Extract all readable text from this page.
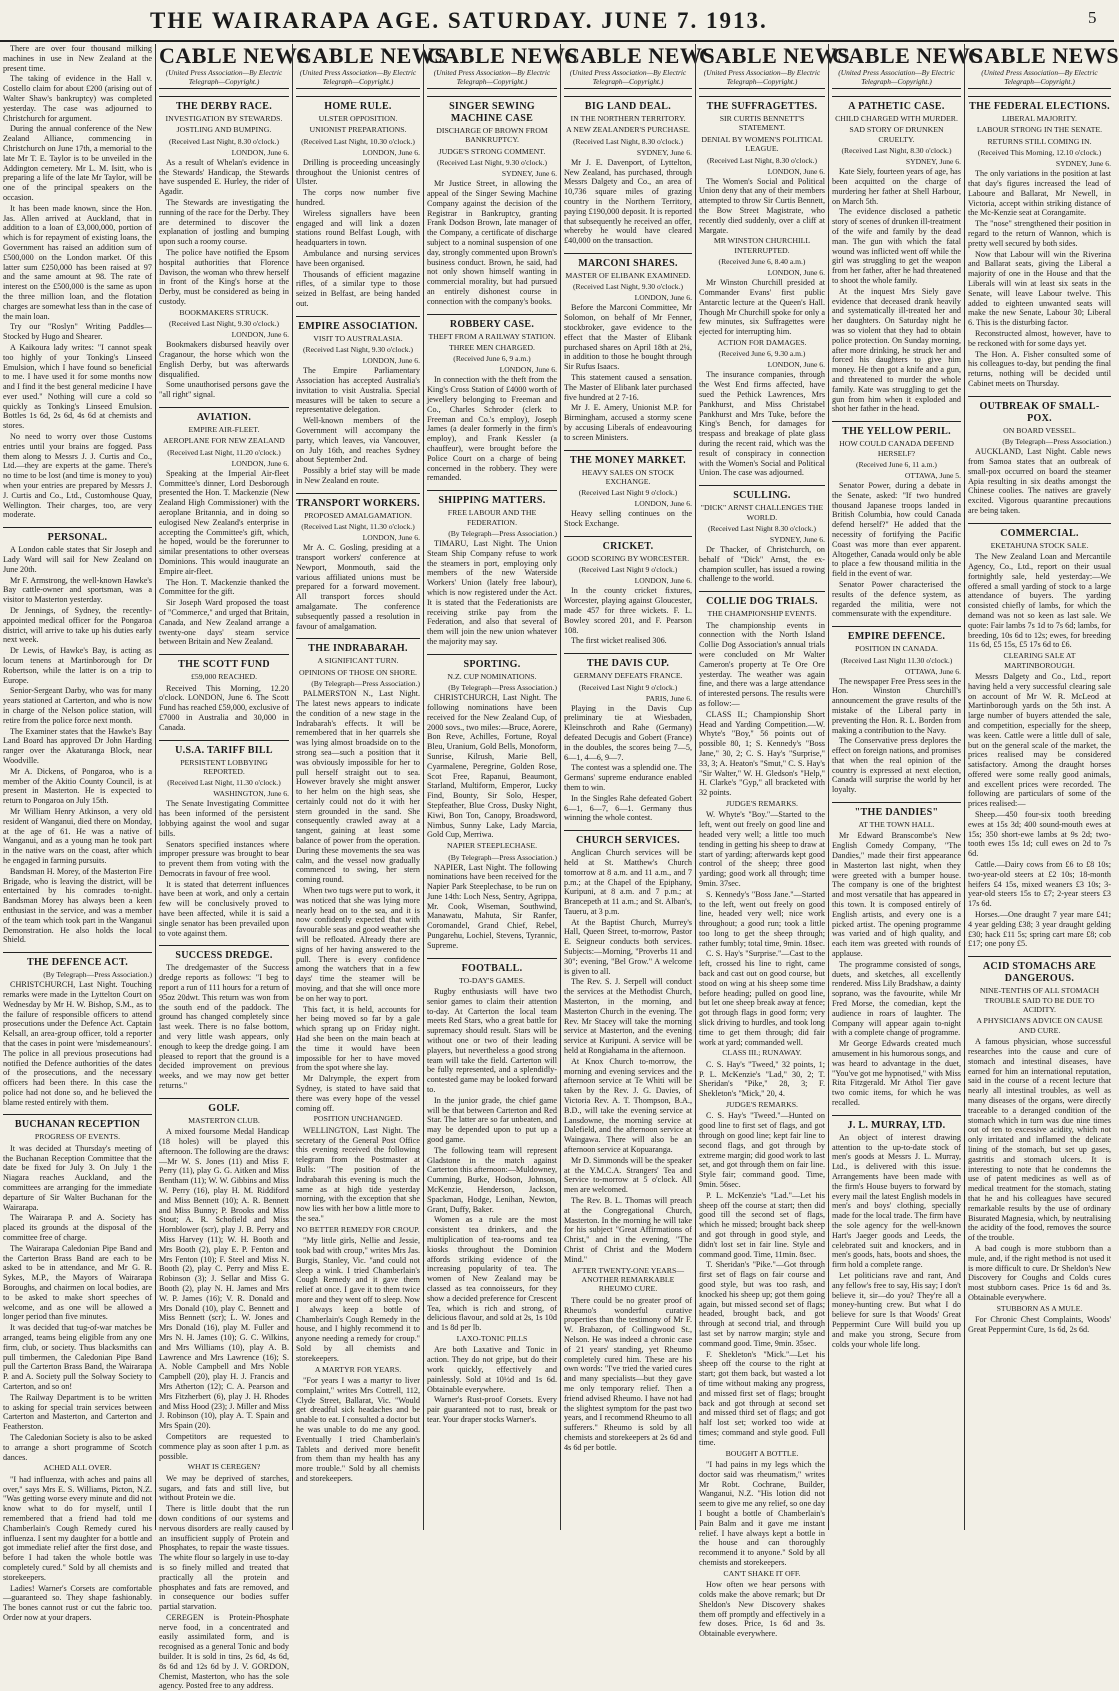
THE WAIRARAPA AGE. SATURDAY. JUNE 7. 1913.	5

There are over four thousand milking machines in use in New Zealand at the present time.

The taking of evidence in the Hall v. Costello claim for about £200 (arising out of Walter Shaw's bankruptcy) was completed yesterday. The case was adjourned to Christchurch for argument.

During the annual conference of the New Zealand Alliance, commencing in Christchurch on June 17th, a memorial to the late Mr T. E. Taylor is to be unveiled in the Addington cemetery. Mr L. M. Isitt, who is preparing a life of the late Mr Taylor, will be one of the principal speakers on the occasion.

It has been made known, since the Hon. Jas. Allen arrived at Auckland, that in addition to a loan of £3,000,000, portion of which is for repayment of existing loans, the Government has raised an addition sum of £500,000 on the London market. Of this latter sum £250,000 has been raised at 97 and the same amount at 98. The rate of interest on the £500,000 is the same as upon the three million loan, and the flotation charges are somewhat less than in the case of the main loan.

Try our "Roslyn" Writing Paddles—Stocked by Hugo and Shearer.

A Kaikoura lady writes: "I cannot speak too highly of your Tonking's Linseed Emulsion, which I have found so beneficial to me. I have used it for some months now and I find it the best general medicine I have ever used." Nothing will cure a cold so quickly as Tonking's Linseed Emulsion. Bottles 1s 6d, 2s 6d, 4s 6d at chemists and stores.

No need to worry over those Customs entries until your brains are fogged. Pass them along to Messrs J. J. Curtis and Co., Ltd.—they are experts at the game. There's no time to be lost (and time is money to you) when your entries are prepared by Messrs J. J. Curtis and Co., Ltd., Customhouse Quay, Wellington. Their charges, too, are very moderate.

PERSONAL.

A London cable states that Sir Joseph and Lady Ward will sail for New Zealand on June 20th.

Mr F. Armstrong, the well-known Hawke's Bay cattle-owner and sportsman, was a visitor to Masterton yesterday.

Dr Jennings, of Sydney, the recently-appointed medical officer for the Pongaroa district, will arrive to take up his duties early next week.

Dr Lewis, of Hawke's Bay, is acting as locum tenens at Martinborough for Dr Robertson, while the latter is on a trip to Europe.

Senior-Sergeant Darby, who was for many years stationed at Carterton, and who is now in charge of the Nelson police station, will retire from the police force next month.

The Examiner states that the Hawke's Bay Land Board has approved Dr John Harding ranger over the Akaturanga Block, near Woodville.

Mr A. Dickens, of Pongaroa, who is a member of the Akitio County Council, is at present in Masterton. He is expected to return to Pongaroa on July 15th.

Mr William Henry Atkinson, a very old resident of Wanganui, died there on Monday, at the age of 61. He was a native of Wanganui, and as a young man he took part in the native wars on the coast, after which he engaged in farming pursuits.

Bandsman H. Morey, of the Masterton Fire Brigade, who is leaving the district, will be entertained by his comrades to-night. Bandsman Morey has always been a keen enthusiast in the service, and was a member of the team which took part in the Wanganui Demonstration. He also holds the local Shield.

THE DEFENCE ACT.
(By Telegraph—Press Association.)

CHRISTCHURCH, Last Night. Touching remarks were made in the Lyttelton Court on Wednesday by Mr H. W. Bishop, S.M., as to the failure of responsible officers to attend prosecutions under the Defence Act. Captain Kelsall, an area-group officer, told a reporter that the cases in point were 'misdemeanours'. The police in all previous prosecutions had notified the Defence authorities of the dates of the prosecutions, and the necessary officers had been there. In this case the police had not done so, and he believed the blame rested entirely with them.

BUCHANAN RECEPTION
PROGRESS OF EVENTS.

It was decided at Thursday's meeting of the Buchanan Reception Committee that the date be fixed for July 3. On July 1 the Niagara reaches Auckland, and the committees are arranging for the immediate departure of Sir Walter Buchanan for the Wairarapa.

The Wairarapa P. and A. Society has placed its grounds at the disposal of the committee free of charge.

The Wairarapa Caledonian Pipe Band and the Carterton Brass Band are each to be asked to be in attendance, and Mr G. R. Sykes, M.P., the Mayors of Wairarapa Boroughs, and chairmen on local bodies, are to be asked to make short speeches of welcome, and as one will be allowed a longer period than five minutes.

It was decided that tug-of-war matches be arranged, teams being eligible from any one firm, club, or society. Thus blacksmiths can pull timbermen, the Caledonian Pipe Band pull the Carterton Brass Band, the Wairarapa P. and A. Society pull the Solway Society to Carterton, and so on!

The Railway Department is to be written to asking for special train services between Carterton and Masterton, and Carterton and Featherston.

The Caledonian Society is also to be asked to arrange a short programme of Scotch dances.

ACHED ALL OVER.

"I had influenza, with aches and pains all over," says Mrs E. S. Williams, Picton, N.Z. "Was getting worse every minute and did not know what to do for myself, until I remembered that a friend had told me Chamberlain's Cough Remedy cured his influenza. I sent my daughter for a bottle and got immediate relief after the first dose, and before I had taken the whole bottle was completely cured." Sold by all chemists and storekeepers.

Ladies! Warner's Corsets are comfortable—guaranteed so. They shape fashionably. The bones cannot rust or cut the fabric too. Order now at your drapers.

CABLE NEWS
(United Press Association—By Electric Telegraph—Copyright.)
THE DERBY RACE.
INVESTIGATION BY STEWARDS.
JOSTLING AND BUMPING.
(Received Last Night, 8.30 o'clock.)
LONDON, June 6.

As a result of Whelan's evidence in the Stewards' Handicap, the Stewards have suspended E. Hurley, the rider of Agadir.

The Stewards are investigating the running of the race for the Derby. They are determined to discover the explanation of jostling and bumping upon such a roomy course.

The police have notified the Epsom hospital authorities that Florence Davison, the woman who threw herself in front of the King's horse at the Derby, must be considered as being in custody.

BOOKMAKERS STRUCK.
(Received Last Night, 9.30 o'clock.)
LONDON, June 6.

Bookmakers disbursed heavily over Craganour, the horse which won the English Derby, but was afterwards disqualified.

Some unauthorised persons gave the "all right" signal.

AVIATION.
EMPIRE AIR-FLEET.
AEROPLANE FOR NEW ZEALAND
(Received Last Night, 11.20 o'clock.)
LONDON, June 6.

Speaking at the Imperial Air-fleet Committee's dinner, Lord Desborough presented the Hon. T. Mackenzie (New Zealand High Commissioner) with the aeroplane Britannia, and in doing so eulogised New Zealand's enterprise in accepting the Committee's gift, which, he hoped, would be the forerunner to similar presentations to other overseas Dominions. This would inaugurate an Empire air-fleet.

The Hon. T. Mackenzie thanked the Committee for the gift.

Sir Joseph Ward proposed the toast of "Commerce," and urged that Britain, Canada, and New Zealand arrange a twenty-one days' steam service between Britain and New Zealand.

THE SCOTT FUND
£59,000 REACHED.

Received This Morning, 12.20 o'clock. LONDON, June 6. The Scott Fund has reached £59,000, exclusive of £7000 in Australia and 30,000 in Canada.

U.S.A. TARIFF BILL
PERSISTENT LOBBYING REPORTED.
(Received Last Night, 11.30 o'clock.)
WASHINGTON, June 6.

The Senate Investigating Committee has been informed of the persistent lobbying against the wool and sugar bills.

Senators specified instances where improper pressure was brought to bear to prevent them from voting with the Democrats in favour of free wool.

It is stated that deterrent influences have been at work, and only a certain few will be conclusively proved to have been affected, while it is said a single senator has been prevailed upon to vote against them.

SUCCESS DREDGE.

The dredgemaster of the Success dredge reports as follows: "I beg to report a run of 111 hours for a return of 95oz 20dwt. This return was won from the south end of the paddock. The ground has changed completely since last week. There is no false bottom, and very little wash appears, only enough to keep the dredge going. I am pleased to report that the ground is a decided improvement on previous weeks, and we may now get better returns."

GOLF.
MASTERTON CLUB.

A mixed foursome Medal Handicap (18 holes) will be played this afternoon. The following are the draws: —Mr W. S. Jones (11) and Miss F. Perry (11), play G. G. Aitken and Miss Bentham (11); W. W. Gibbins and Miss W. Perry (16), play H. M. Riddiford and Miss Bennett (10); A. R. Bennett and Miss Bunny; P. Brooks and Miss Stout; A. R. Schofield and Miss Hornblower (scr), play J. B. Perry and Miss Harvey (11); W. H. Booth and Mrs Booth (2), play E. P. Fenton and Mrs Fenton (10); F. Steel and Miss N. Booth (2), play C. Perry and Miss E. Robinson (3); J. Sellar and Miss G. Booth (2), play N. H. James and Mrs W. P. James (16); V. R. Donald and Mrs Donald (10), play C. Bennett and Miss Bennett (scr); L. W. Jones and Mrs Donald (16), play M. Fuller and Mrs N. H. James (10); G. C. Wilkins, and Mrs Williams (10), play A. B. Lawrence and Mrs Lawrence (16); S. A. Noble Campbell and Mrs Noble Campbell (20), play H. J. Francis and Mrs Atherton (12); C. A. Pearson and Mrs Fitzherbert (6), play J. H. Rhodes and Miss Hood (23); J. Miller and Miss J. Robinson (10), play A. T. Spain and Mrs Spain (20).

Competitors are requested to commence play as soon after 1 p.m. as possible.

WHAT IS CEREGEN?

We may be deprived of starches, sugars, and fats and still live, but without Protein we die.

There is little doubt that the run down conditions of our systems and nervous disorders are really caused by an insufficient supply of Protein and Phosphates, to repair the waste tissues. The white flour so largely in use to-day is so finely milled and treated that practically all the protein and phosphates and fats are removed, and in consequence our bodies suffer partial starvation.

CEREGEN is Protein-Phosphate nerve food, in a concentrated and easily assimilated form, and is recognised as a general Tonic and body builder. It is sold in tins, 2s 6d, 4s 6d, 8s 6d and 12s 6d by J. V. GORDON, Chemist, Masterton, who has the sole agency. Posted free to any address.

CABLE NEWS
(United Press Association—By Electric Telegraph—Copyright.)
HOME RULE.
ULSTER OPPOSITION.
UNIONIST PREPARATIONS.
(Received Last Night, 10.30 o'clock.)
LONDON, June 6.

Drilling is proceeding unceasingly throughout the Unionist centres of Ulster.

The corps now number five hundred.

Wireless signallers have been engaged and will link a dozen stations round Belfast Lough, with headquarters in town.

Ambulance and nursing services have been organised.

Thousands of efficient magazine rifles, of a similar type to those seized in Belfast, are being handed out.

EMPIRE ASSOCIATION.
VISIT TO AUSTRALASIA.
(Received Last Night, 9.30 o'clock.)
LONDON, June 6.

The Empire Parliamentary Association has accepted Australia's invitation to visit Australia. Special measures will be taken to secure a representative delegation.

Well-known members of the Government will accompany the party, which leaves, via Vancouver, on July 16th, and reaches Sydney about September 2nd.

Possibly a brief stay will be made in New Zealand en route.

TRANSPORT WORKERS.
PROPOSED AMALGAMATION.
(Received Last Night, 11.30 o'clock.)
LONDON, June 6.

Mr A. C. Gosling, presiding at a transport workers' conference at Newport, Monmouth, said the various affiliated unions must be prepared for a forward movement. All transport forces should amalgamate. The conference subsequently passed a resolution in favour of amalgamation.

THE INDRABARAH.
A SIGNIFICANT TURN.
OPINIONS OF THOSE ON SHORE.
(By Telegraph—Press Association.)

PALMERSTON N., Last Night. The latest news appears to indicate the condition of a new stage in the Indrabarah's effects. It will be remembered that in her quarrels she was lying almost broadside on to the strong sea—such a position that it was obviously impossible for her to pull herself straight out to sea. However bravely she might answer to her helm on the high seas, she certainly could not do it with her stern grounded in the sand. She consequently crawled away at a tangent, gaining at least some balance of power from the operation. During these movements the sea was calm, and the vessel now gradually commenced to swing, her stern coming round.

When two tugs were put to work, it was noticed that she was lying more nearly head on to the sea, and it is now confidently expected that with favourable seas and good weather she will be refloated. Already there are signs of her having answered to the pull. There is every confidence among the watchers that in a few days' time the steamer will be moving, and that she will once more be on her way to port.

This fact, it is held, accounts for her being moved so far by a gale which sprang up on Friday night. Had she been on the main beach at the time it would have been impossible for her to have moved from the spot where she lay.

Mr Dalrymple, the expert from Sydney, is stated to have said that there was every hope of the vessel coming off.

POSITION UNCHANGED.

WELLINGTON, Last Night. The secretary of the General Post Office this evening received the following telegram from the Postmaster at Bulls: "The position of the Indrabarah this evening is much the same as at high tide yesterday morning, with the exception that she now lies with her bow a little more to the sea."

NO BETTER REMEDY FOR CROUP.

"My little girls, Nellie and Jessie, took bad with croup," writes Mrs Jas. Burgis, Stanley, Vic. "and could not sleep a wink. I tried Chamberlain's Cough Remedy and it gave them relief at once. I gave it to them twice more and they went off to sleep. Now I always keep a bottle of Chamberlain's Cough Remedy in the house, and I highly recommend it to anyone needing a remedy for croup." Sold by all chemists and storekeepers.

A MARTYR FOR YEARS.

"For years I was a martyr to liver complaint," writes Mrs Cottrell, 112, Clyde Street, Ballarat, Vic. "Would get dreadful sick headaches and be unable to eat. I consulted a doctor but he was unable to do me any good. Eventually I tried Chamberlain's Tablets and derived more benefit from them than my health has any more trouble." Sold by all chemists and storekeepers.

CABLE NEWS
(United Press Association—By Electric Telegraph—Copyright.)
SINGER SEWING MACHINE CASE
DISCHARGE OF BROWN FROM BANKRUPTCY.
JUDGE'S STRONG COMMENT.
(Received Last Night, 9.30 o'clock.)
SYDNEY, June 6.

Mr Justice Street, in allowing the appeal of the Singer Sewing Machine Company against the decision of the Registrar in Bankruptcy, granting Frank Dodson Brown, late manager of the Company, a certificate of discharge subject to a nominal suspension of one day, strongly commented upon Brown's business conduct. Brown, he said, had not only shown himself wanting in commercial morality, but had pursued an entirely dishonest course in connection with the company's books.

ROBBERY CASE.
THEFT FROM A RAILWAY STATION.
THREE MEN CHARGED.
(Received June 6, 9 a.m.)
LONDON, June 6.

In connection with the theft from the King's Cross Station of £4000 worth of jewellery belonging to Freeman and Co., Charles Schroder (clerk to Freeman and Co.'s employ), Joseph James (a dealer formerly in the firm's employ), and Frank Kessler (a chauffeur), were brought before the Police Court on a charge of being concerned in the robbery. They were remanded.

SHIPPING MATTERS.
FREE LABOUR AND THE FEDERATION.
(By Telegraph—Press Association.)

TIMARU, Last Night. The Union Steam Ship Company refuse to work the steamers in port, employing only members of the new Waterside Workers' Union (lately free labour), which is now registered under the Act. It is stated that the Federationists are receiving strike pay from the Federation, and also that several of them will join the new union whatever the majority may say.

SPORTING.
N.Z. CUP NOMINATIONS.
(By Telegraph—Press Association.)

CHRISTCHURCH, Last Night. The following nominations have been received for the New Zealand Cup, of 2000 sovs., two miles:—Bruce, Aorere, Bon Reve, Achilles, Fortune, Royal Bleu, Uranium, Gold Bells, Monoform, Sunrise, Kilrush, Marie Bell, Cyarmalene, Peregrine, Golden Rose, Scot Free, Rapanui, Beaumont, Starland, Multiform, Emperor, Lucky Find, Bounty, Sir Solo, Hesper, Stepfeather, Blue Cross, Dusky Night, Kiwi, Bon Ton, Canopy, Broadsword, Nimbus, Sunny Lake, Lady Marcia, Gold Cup, Merriwa.

NAPIER STEEPLECHASE.
(By Telegraph—Press Association.)

NAPIER, Last Night. The following nominations have been received for the Napier Park Steeplechase, to be run on June 14th: Loch Ness, Sentry, Agrippa, Mr. Cook, Wiseman, Southwind, Manawatu, Mahuta, Sir Ranfer, Coromandel, Grand Chief, Rebel, Pungarehu, Lochiel, Stevens, Tyrannic, Supreme.

FOOTBALL.
TO-DAY'S GAMES.

Rugby enthusiasts will have two senior games to claim their attention to-day. At Carterton the local team meets Red Stars, who a great battle for supremacy should result. Stars will be without one or two of their leading players, but nevertheless a good strong team will take the field. Carterton will be fully represented, and a splendidly-contested game may be looked forward to.

In the junior grade, the chief game will be that between Carterton and Red Star. The latter are so far unbeaten, and may be depended upon to put up a good game.

The following team will represent Gladstone in the match against Carterton this afternoon:—Muldowney, Cumming, Burke, Hodson, Johnson, McKenzie, Henderson, Jackson, Spackman, Hodge, Lenihan, Newton, Grant, Duffy, Baker.

Women as a rule are the most consistent tea drinkers, and the multiplication of tea-rooms and tea kiosks throughout the Dominion affords striking evidence of the increasing popularity of tea. The women of New Zealand may be classed as tea connoisseurs, for they show a decided preference for Crescent Tea, which is rich and strong, of delicious flavour, and sold at 2s, 1s 10d and 1s 8d per lb.

LAXO-TONIC PILLS

Are both Laxative and Tonic in action. They do not gripe, but do their work quickly, effectively and painlessly. Sold at 10½d and 1s 6d. Obtainable everywhere.

Warner's Rust-proof Corsets. Every pair guaranteed not to rust, break or tear. Your draper stocks Warner's.

CABLE NEWS
(United Press Association—By Electric Telegraph—Copyright.)
BIG LAND DEAL.
IN THE NORTHERN TERRITORY.
A NEW ZEALANDER'S PURCHASE.
(Received Last Night, 8.30 o'clock.)
SYDNEY, June 6.

Mr J. E. Davenport, of Lyttelton, New Zealand, has purchased, through Messrs Dalgety and Co., an area of 10,736 square miles of grazing country in the Northern Territory, paying £190,000 deposit. It is reported that subsequently he received an offer, whereby he would have cleared £40,000 on the transaction.

MARCONI SHARES.
MASTER OF ELIBANK EXAMINED.
(Received Last Night, 9.30 o'clock.)
LONDON, June 6.

Before the Marconi Committee, Mr Solomon, on behalf of Mr Fenner, stockbroker, gave evidence to the effect that the Master of Elibank purchased shares on April 18th at 2¼, in addition to those he bought through Sir Rufus Isaacs.

This statement caused a sensation. The Master of Elibank later purchased five hundred at 2 7-16.

Mr J. E. Amery, Unionist M.P. for Birmingham, accused a stormy scene by accusing Liberals of endeavouring to screen Ministers.

THE MONEY MARKET.
HEAVY SALES ON STOCK EXCHANGE.
(Received Last Night 9 o'clock.)
LONDON, June 6.

Heavy selling continues on the Stock Exchange.

CRICKET.
GOOD SCORING BY WORCESTER.
(Received Last Night 9 o'clock.)
LONDON, June 6.

In the county cricket fixtures, Worcester, playing against Gloucester, made 457 for three wickets. F. L. Bowley scored 201, and F. Pearson 108.

The first wicket realised 306.

THE DAVIS CUP.
GERMANY DEFEATS FRANCE.
(Received Last Night 9 o'clock.)
PARIS, June 6.

Playing in the Davis Cup preliminary tie at Wiesbaden, Kleinschroth and Rahe (Germany) defeated Decugis and Gobert (France) in the doubles, the scores being 7—5, 6—1, 4—6, 9—7.

The contest was a splendid one. The Germans' supreme endurance enabled them to win.

In the Singles Rahe defeated Gobert 6—1, 6—7, 6—1. Germany thus winning the whole contest.

CHURCH SERVICES.

Anglican Church services will be held at St. Matthew's Church tomorrow at 8 a.m. and 11 a.m., and 7 p.m.; at the Chapel of the Epiphany, Kuripuni, at 8 a.m. and 7 p.m.; at Brancepeth at 11 a.m.; and St. Alban's, Taueru, at 3 p.m.

At the Baptist Church, Murrey's Hall, Queen Street, to-morrow, Pastor E. Seigneur conducts both services. Subjects:—Morning, "Proverbs 11 and 30"; evening, "Bel Grow." A welcome is given to all.

The Rev. S. J. Serpell will conduct the services at the Methodist Church, Masterton, in the morning, and Masterton Church in the evening. The Rev. Mr Stacey will take the morning service at Masterton, and the evening service at Kuripuni. A service will be held at Rongiahama in the afternoon.

At Knox Church to-morrow, the morning and evening services and the afternoon service at Te Whiti will be taken by the Rev. J. G. Davies, of Victoria Rev. A. T. Thompson, B.A., B.D., will take the evening service at Lansdowne, the morning service at Dalefield, and the afternoon service at Waingawa. There will also be an afternoon service at Kopuaranga.

Mr D. Simmonds will be the speaker at the Y.M.C.A. Strangers' Tea and Service to-morrow at 5 o'clock. All men are welcomed.

The Rev. B. L. Thomas will preach at the Congregational Church, Masterton. In the morning he will take for his subject "Great Affirmations of Christ," and in the evening, "The Christ of Christ and the Modern Mind."

AFTER TWENTY-ONE YEARS—ANOTHER REMARKABLE RHEUMO CURE.

There could be no greater proof of Rheumo's wonderful curative properties than the testimony of Mr F. W. Brabazon, of Collingwood St., Nelson. He was indeed a chronic case of 21 years' standing, yet Rheumo completely cured him. These are his own words: "I've tried the varied cures and many specialists—but they gave me only temporary relief. Then a friend advised Rheumo. I have not had the slightest symptom for the past two years, and I recommend Rheumo to all sufferers." Rheumo is sold by all chemists and storekeepers at 2s 6d and 4s 6d per bottle.

CABLE NEWS
(United Press Association—By Electric Telegraph—Copyright.)
THE SUFFRAGETTES.
SIR CURTIS BENNETT'S STATEMENT.
DENIAL BY WOMEN'S POLITICAL LEAGUE.
(Received Last Night, 8.30 o'clock.)
LONDON, June 6.

The Women's Social and Political Union deny that any of their members attempted to throw Sir Curtis Bennett, the Bow Street Magistrate, who recently died suddenly, over a cliff at Margate.

MR WINSTON CHURCHILL INTERRUPTED.
(Received June 6, 8.40 a.m.)
LONDON, June 6.

Mr Winston Churchill presided at Commander Evans' first public Antarctic lecture at the Queen's Hall. Though Mr Churchill spoke for only a few minutes, six Suffragettes were ejected for interrupting him.

ACTION FOR DAMAGES.
(Received June 6, 9.30 a.m.)
LONDON, June 6.

The insurance companies, through the West End firms affected, have sued the Pethick Lawrences, Mrs Pankhurst, and Miss Christabel Pankhurst and Mrs Tuke, before the King's Bench, for damages for trespass and breakage of plate glass during the recent raid, which was the result of conspiracy in connection with the Women's Social and Political Union. The case was adjourned.

SCULLING.
"DICK" ARNST CHALLENGES THE WORLD.
(Received Last Night 8.30 o'clock.)
SYDNEY, June 6.

Dr Thacker, of Christchurch, on behalf of "Dick" Arnst, the ex-champion sculler, has issued a rowing challenge to the world.

COLLIE DOG TRIALS.
THE CHAMPIONSHIP EVENTS.

The championship events in connection with the North Island Collie Dog Association's annual trials were concluded on Mr Walter Cameron's property at Te Ore Ore yesterday. The weather was again fine, and there was a large attendance of interested persons. The results were as follow:—

CLASS II.; Championship Short Head and Yarding Competition.—W. Whyte's "Boy," 56 points out of possible 80, 1; S. Kennedy's "Boss Jane," 30, 2; C. S. Hay's "Surprise," 33, 3; A. Heaton's "Smut," C. S. Hay's "Sir Walter," W. H. Gledson's "Help," H. Clarke's "Gyp," all bracketed with 32 points.

JUDGE'S REMARKS.

W. Whyte's "Boy."—Started to the left, went out freely on good line and headed very well; a little too much tending in getting his sheep to draw at start of yarding; afterwards kept good control of the sheep; three good yarding; good work all through; time 9min. 37sec.

S. Kennedy's "Boss Jane."—Started to the left, went out freely on good line, headed very well; nice work throughout; a good run; took a little too long to get the sheep through; rather fumbly; total time, 9min. 18sec.

C. S. Hay's "Surprise."—Cast to the left, crossed his line to right, came back and cast out on good course, but stood on wing at his sheep some time before heading; pulled on good line, but let one sheep break away at fence; got through flags in good form; very slick driving to hurdles, and took long time to get them through; did fair work at yard; commanded well.

CLASS III.; RUNAWAY.

C. S. Hay's "Tweed," 32 points, 1; P. L. McKenzie's "Lad," 30, 2; T. Sheridan's "Pike," 28, 3; F. Shekleton's "Mick," 20, 4.

JUDGE'S REMARKS.

C. S. Hay's "Tweed."—Hunted on good line to first set of flags, and got through on good line; kept fair line to second flags, and got through by extreme margin; did good work to last set, and got through them on fair line. Style fair; command good. Time, 9min. 56sec.

P. L. McKenzie's "Lad."—Let his sheep off the course at start; then did good till the second set of flags, which he missed; brought back sheep and got through in good style, and didn't lost set in fair line. Style and command good. Time, 11min. 8sec.

T. Sheridan's "Pike."—Got through first set of flags on fair course and good style, but was too rash, and knocked his sheep up; got them going again, but missed second set of flags; headed, brought back, and got through at second trial, and through last set by narrow margin; style and command good. Time, 9min. 35sec.

F. Shekleton's "Mick."—Let his sheep off the course to the right at start; got them back, but wasted a lot of time without making any progress, and missed first set of flags; brought back and got through at second set and missed third set of flags; and got half lost set; worked too wide at times; command and style good. Full time.

BOUGHT A BOTTLE.

"I had pains in my legs which the doctor said was rheumatism," writes Mr Robt. Cochrane, Builder, Wanganui, N.Z. "His lotion did not seem to give me any relief, so one day I bought a bottle of Chamberlain's Pain Balm and it gave me instant relief. I have always kept a bottle in the house and can thoroughly recommend it to anyone." Sold by all chemists and storekeepers.

CAN'T SHAKE IT OFF.

How often we hear persons with colds make the above remark; but Dr Sheldon's New Discovery shakes them off promptly and effectively in a few doses. Price, 1s 6d and 3s. Obtainable everywhere.

CABLE NEWS
(United Press Association—By Electric Telegraph—Copyright.)
A PATHETIC CASE.
CHILD CHARGED WITH MURDER.
SAD STORY OF DRUNKEN CRUELTY.
(Received Last Night, 8.30 o'clock.)
SYDNEY, June 6.

Kate Siely, fourteen years of age, has been acquitted on the charge of murdering her father at Shell Harbour, on March 5th.

The evidence disclosed a pathetic story of scenes of drunken ill-treatment of the wife and family by the dead man. The gun with which the fatal wound was inflicted went off while the girl was struggling to get the weapon from her father, after he had threatened to shoot the whole family.

At the inquest Mrs Siely gave evidence that deceased drank heavily and systematically ill-treated her and her daughters. On Saturday night he was so violent that they had to obtain police protection. On Sunday morning, after more drinking, he struck her and forced his daughters to give him money. He then got a knife and a gun, and threatened to murder the whole family. Kate was struggling to get the gun from him when it exploded and shot her father in the head.

THE YELLOW PERIL.
HOW COULD CANADA DEFEND HERSELF?
(Received June 6, 11 a.m.)
OTTAWA, June 5.

Senator Power, during a debate in the Senate, asked: "If two hundred thousand Japanese troops landed in British Columbia, how could Canada defend herself?" He added that the necessity of fortifying the Pacific Coast was more than ever apparent. Altogether, Canada would only be able to place a few thousand militia in the field in the event of war.

Senator Power characterised the results of the defence system, as regarded the militia, were not commensurate with the expenditure.

EMPIRE DEFENCE.
POSITION IN CANADA.
(Received Last Night 11.30 o'clock.)
OTTAWA, June 6.

The newspaper Free Press sees in the Hon. Winston Churchill's announcement the grave results of the mistake of the Liberal party in preventing the Hon. R. L. Borden from making a contribution to the Navy.

The Conservative press deplores the effect on foreign nations, and promises that when the real opinion of the country is expressed at next election, Canada will surprise the world by her loyalty.

"THE DANDIES"
AT THE TOWN HALL.

Mr Edward Branscombe's New English Comedy Company, "The Dandies," made their first appearance in Masterton last night, when they were greeted with a bumper house. The company is one of the brightest and most versatile that has appeared in this town. It is composed entirely of English artists, and every one is a picked artist. The opening programme was varied and of high quality, and each item was greeted with rounds of applause.

The programme consisted of songs, duets, and sketches, all excellently rendered. Miss Lily Bradshaw, a dainty soprano, was the favourite, while Mr Fred Morse, the comedian, kept the audience in roars of laughter. The Company will appear again to-night with a complete change of programme.

Mr George Edwards created much amusement in his humorous songs, and was heard to advantage in the duet, "You've got me hypnotised," with Miss Rita Fitzgerald. Mr Athol Tier gave two comic items, for which he was recalled.

J. L. MURRAY, LTD.

An object of interest drawing attention to the up-to-date stock of men's goods at Messrs J. L. Murray, Ltd., is delivered with this issue. Arrangements have been made with the firm's House buyers to forward by every mail the latest English models in men's and boys' clothing, specially made for the local trade. The firm have the sole agency for the well-known Hart's Jaeger goods and Leeds, the celebrated suit and knockers, and in men's goods, hats, boots and shoes, the firm hold a complete range.

Let politicians rave and rant, And any fellow's free to say, His say; I don't believe it, sir—do you? They're all a money-hunting crew. But what I do believe for sure Is that Woods' Great Peppermint Cure Will build you up and make you strong, Secure from colds your whole life long.

CABLE NEWS
(United Press Association—By Electric Telegraph—Copyright.)
THE FEDERAL ELECTIONS.
LIBERAL MAJORITY.
LABOUR STRONG IN THE SENATE.
RETURNS STILL COMING IN.
(Received This Morning, 12.10 o'clock.)
SYDNEY, June 6.

The only variations in the position at last that day's figures increased the lead of Laboure and Ballarat, Mr Newell, in Victoria, accept within striking distance of the Mc-Kenzie seat at Corangamite.

The "nose" strengthened their position in regard to the return of Wannon, which is pretty well secured by both sides.

Now that Labour will win the Riverina and Ballarat seats, giving the Liberal a majority of one in the House and that the Liberals will win at least six seats in the Senate, will leave Labour twelve. This added to eighteen unwanted seats will make the new Senate, Labour 30; Liberal 6. This is the disturbing factor.

Reconstructed almost, however, have to be reckoned with for some days yet.

The Hon. A. Fisher consulted some of his colleagues to-day, but pending the final returns, nothing will be decided until Cabinet meets on Thursday.

OUTBREAK OF SMALL-POX.
ON BOARD VESSEL.
(By Telegraph—Press Association.)

AUCKLAND, Last Night. Cable news from Samoa states that an outbreak of small-pox occurred on board the steamer Apia resulting in six deaths amongst the Chinese coolies. The natives are gravely excited. Vigorous quarantine precautions are being taken.

COMMERCIAL.
EKETAHUNA STOCK SALE.

The New Zealand Loan and Mercantile Agency, Co., Ltd., report on their usual fortnightly sale, held yesterday:—We offered a small yarding of stock to a large attendance of buyers. The yarding consisted chiefly of lambs, for which the demand was not so keen as last sale. We quote: Fair lambs 7s 1d to 7s 6d; lambs, for breeding, 10s 6d to 12s; ewes, for breeding 11s 6d, £5 15s, £5 17s 6d to £6.

CLEARING SALE AT MARTINBOROUGH.

Messrs Dalgety and Co., Ltd., report having held a very successful clearing sale on account of Mr W. R. McLeod at Martinborough yards on the 5th inst. A large number of buyers attended the sale, and competition, especially for the sheep, was keen. Cattle were a little dull of sale, but on the general scale of the market, the prices realised may be considered satisfactory. Among the draught horses offered were some really good animals, and excellent prices were recorded. The following are particulars of some of the prices realised:—

Sheep.—450 four-six tooth breeding ewes at 15s 3d; 400 sound-mouth ewes at 15s; 350 short-ewe lambs at 9s 2d; two-tooth ewes 15s 1d; cull ewes on 2d to 7s 6d.

Cattle.—Dairy cows from £6 to £8 10s; two-year-old steers at £2 10s; 18-month heifers £4 15s, mixed weaners £3 10s; 3-year-old steers 15s to £7; 2-year steers £3 17s 6d.

Horses.—One draught 7 year mare £41; 4 year gelding £38; 3 year draught gelding £30; hack £11 5s; spring cart mare £8; cob £17; one pony £5.

ACID STOMACHS ARE DANGEROUS.
NINE-TENTHS OF ALL STOMACH TROUBLE SAID TO BE DUE TO ACIDITY.
A PHYSICIAN'S ADVICE ON CAUSE AND CURE.

A famous physician, whose successful researches into the cause and cure of stomach and intestinal diseases, have earned for him an international reputation, said in the course of a recent lecture that nearly all intestinal troubles, as well as many diseases of the organs, were directly traceable to a deranged condition of the stomach which in turn was due nine times out of ten to excessive acidity, which not only irritated and inflamed the delicate lining of the stomach, but set up gases, gastritis and stomach ulcers. It is interesting to note that he condemns the use of patent medicines as well as of medical treatment for the stomach, stating that he and his colleagues have secured remarkable results by the use of ordinary Bisurated Magnesia, which, by neutralising the acidity of the food, removes the source of the trouble.

A bad cough is more stubborn than a mule, and, if the right method is not used it is more difficult to cure. Dr Sheldon's New Discovery for Coughs and Colds cures most stubborn cases. Price 1s 6d and 3s. Obtainable everywhere.

STUBBORN AS A MULE.

For Chronic Chest Complaints, Woods' Great Peppermint Cure, 1s 6d, 2s 6d.
